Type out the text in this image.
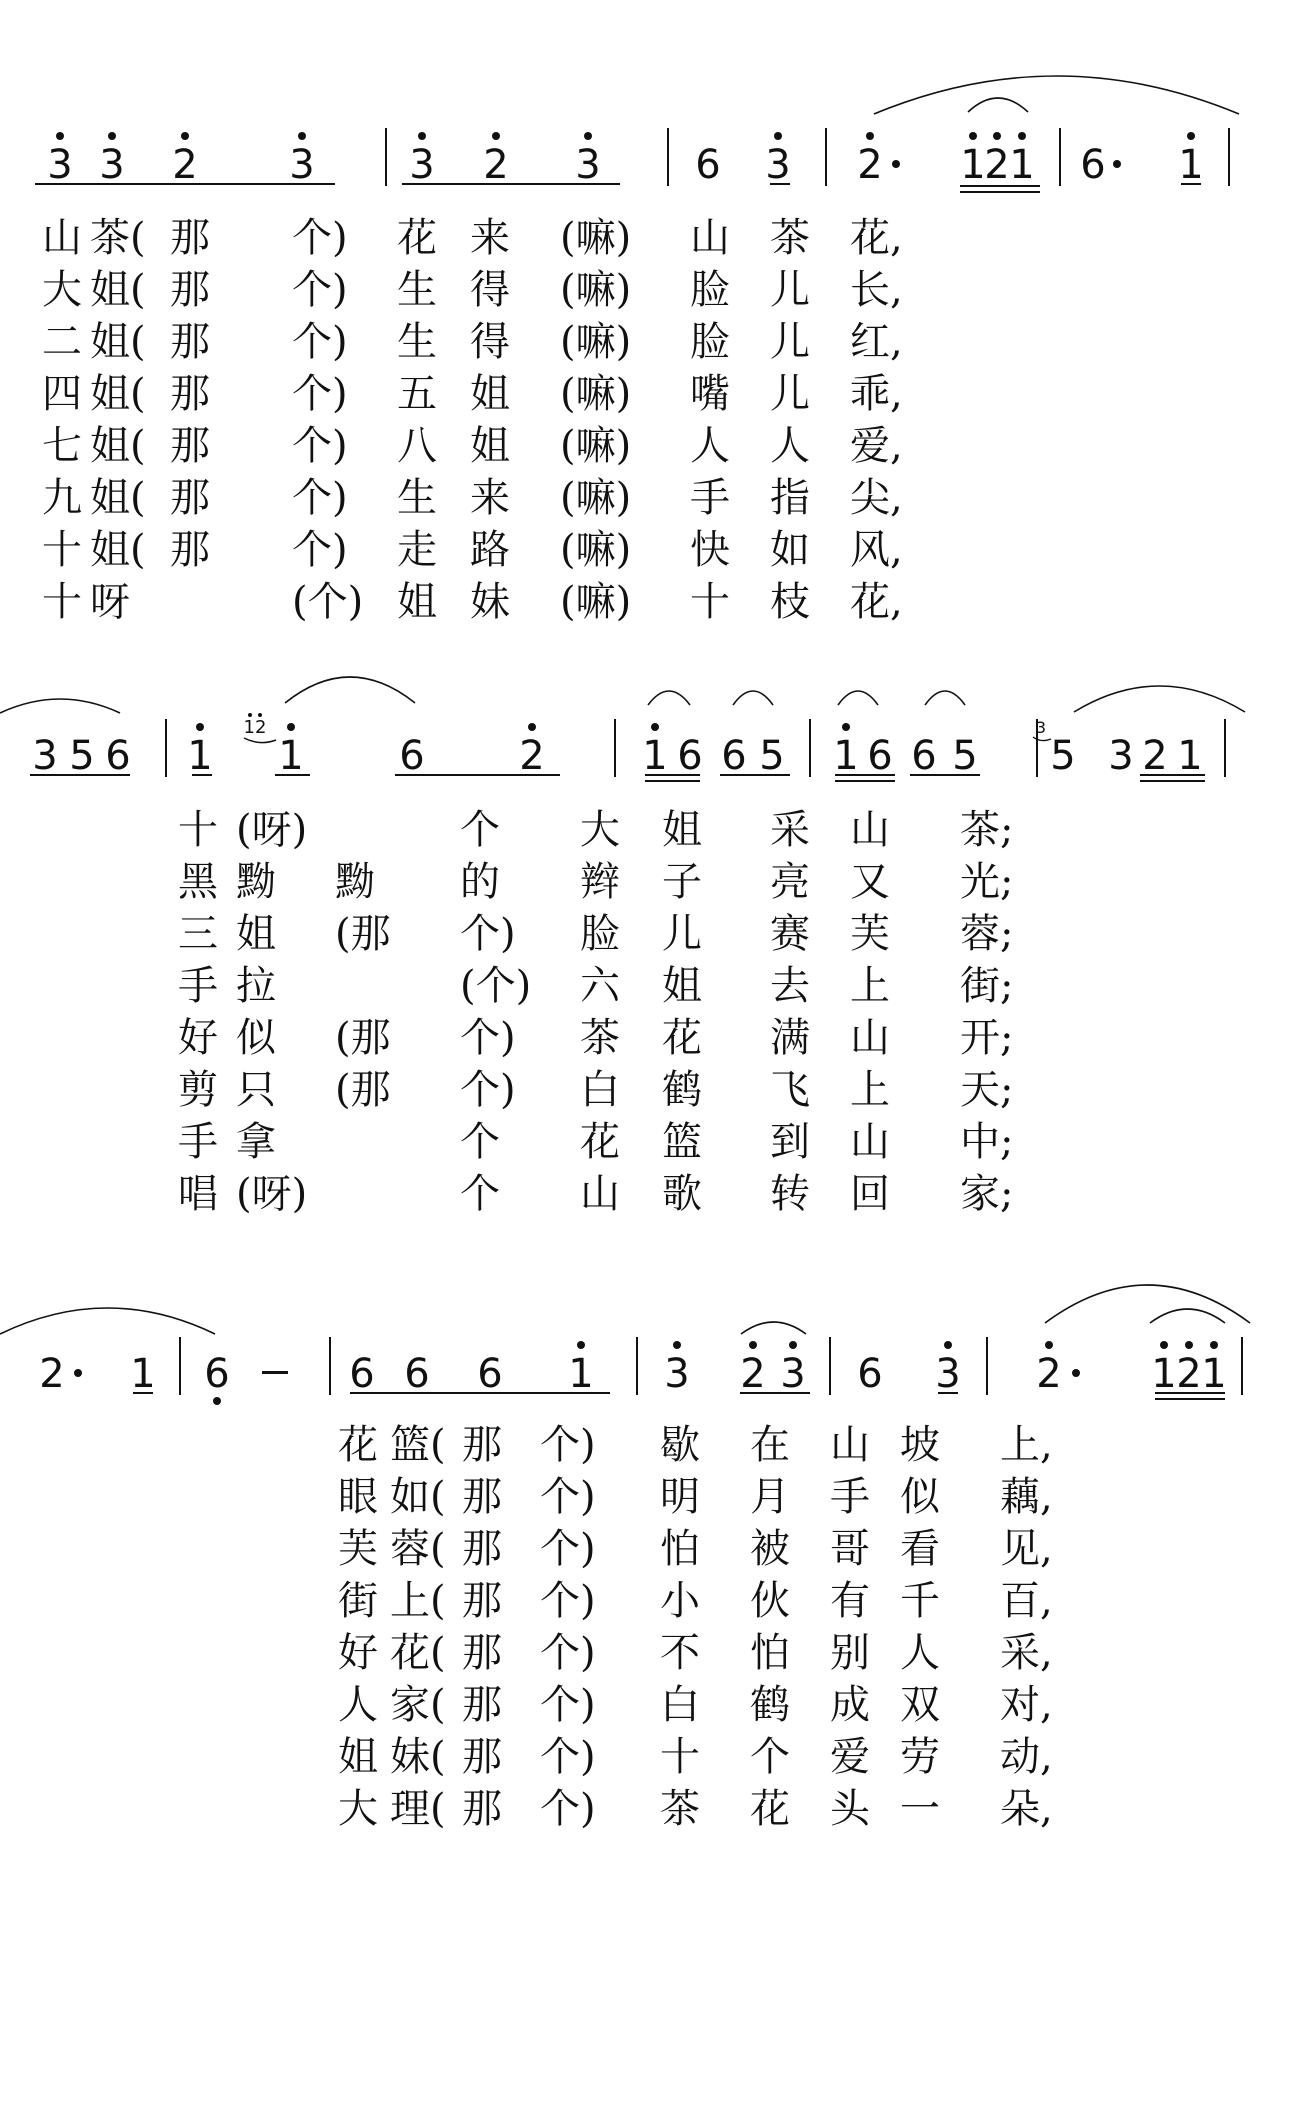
3 3 2 3 3 2 3 6 3 2 1
2 1 6 1
3 5 6 1 1 6 2 1 6 6 5 1 6 6 5 5 3 2 1
12	3
2 1 6	6 6 6 1 3 2 3 6 3 2 1 2 1
山 茶( 那 个) 花 来 (嘛) 山 茶 花,
大 姐( 那 个) 生 得 (嘛) 脸 儿 长,
二 姐( 那 个) 生 得 (嘛) 脸 儿 红,
四 姐( 那 个) 五 姐 (嘛) 嘴 儿 乖,
七 姐( 那 个) 八 姐 (嘛) 人 人 爱,
九 姐( 那 个) 生 来 (嘛) 手 指 尖,
十 姐( 那 个) 走 路 (嘛) 快 如 风,
十 呀	(个) 姐 妹 (嘛) 十 枝 花,
十 (呀)	个 大 姐 采 山 茶;
黑 黝 黝 的 辫 子 亮 又 光;
三 姐 (那 个) 脸 儿 赛 芙 蓉;
手 拉	(个) 六 姐 去 上 街;
好 似 (那 个) 茶 花 满 山 开;
剪 只 (那 个) 白 鹤 飞 上 天;
手 拿	个 花 篮 到 山 中;
唱 (呀)	个 山 歌 转 回 家;
花 篮( 那 个) 歇 在 山 坡 上,
眼 如( 那 个) 明 月 手 似 藕,
芙 蓉( 那 个) 怕 被 哥 看 见,
街 上( 那 个) 小 伙 有 千 百,
好 花( 那 个) 不 怕 别 人 采,
人 家( 那 个) 白 鹤 成 双 对,
姐 妹( 那 个) 十 个 爱 劳 动,
大 理( 那 个) 茶 花 头 一 朵,
